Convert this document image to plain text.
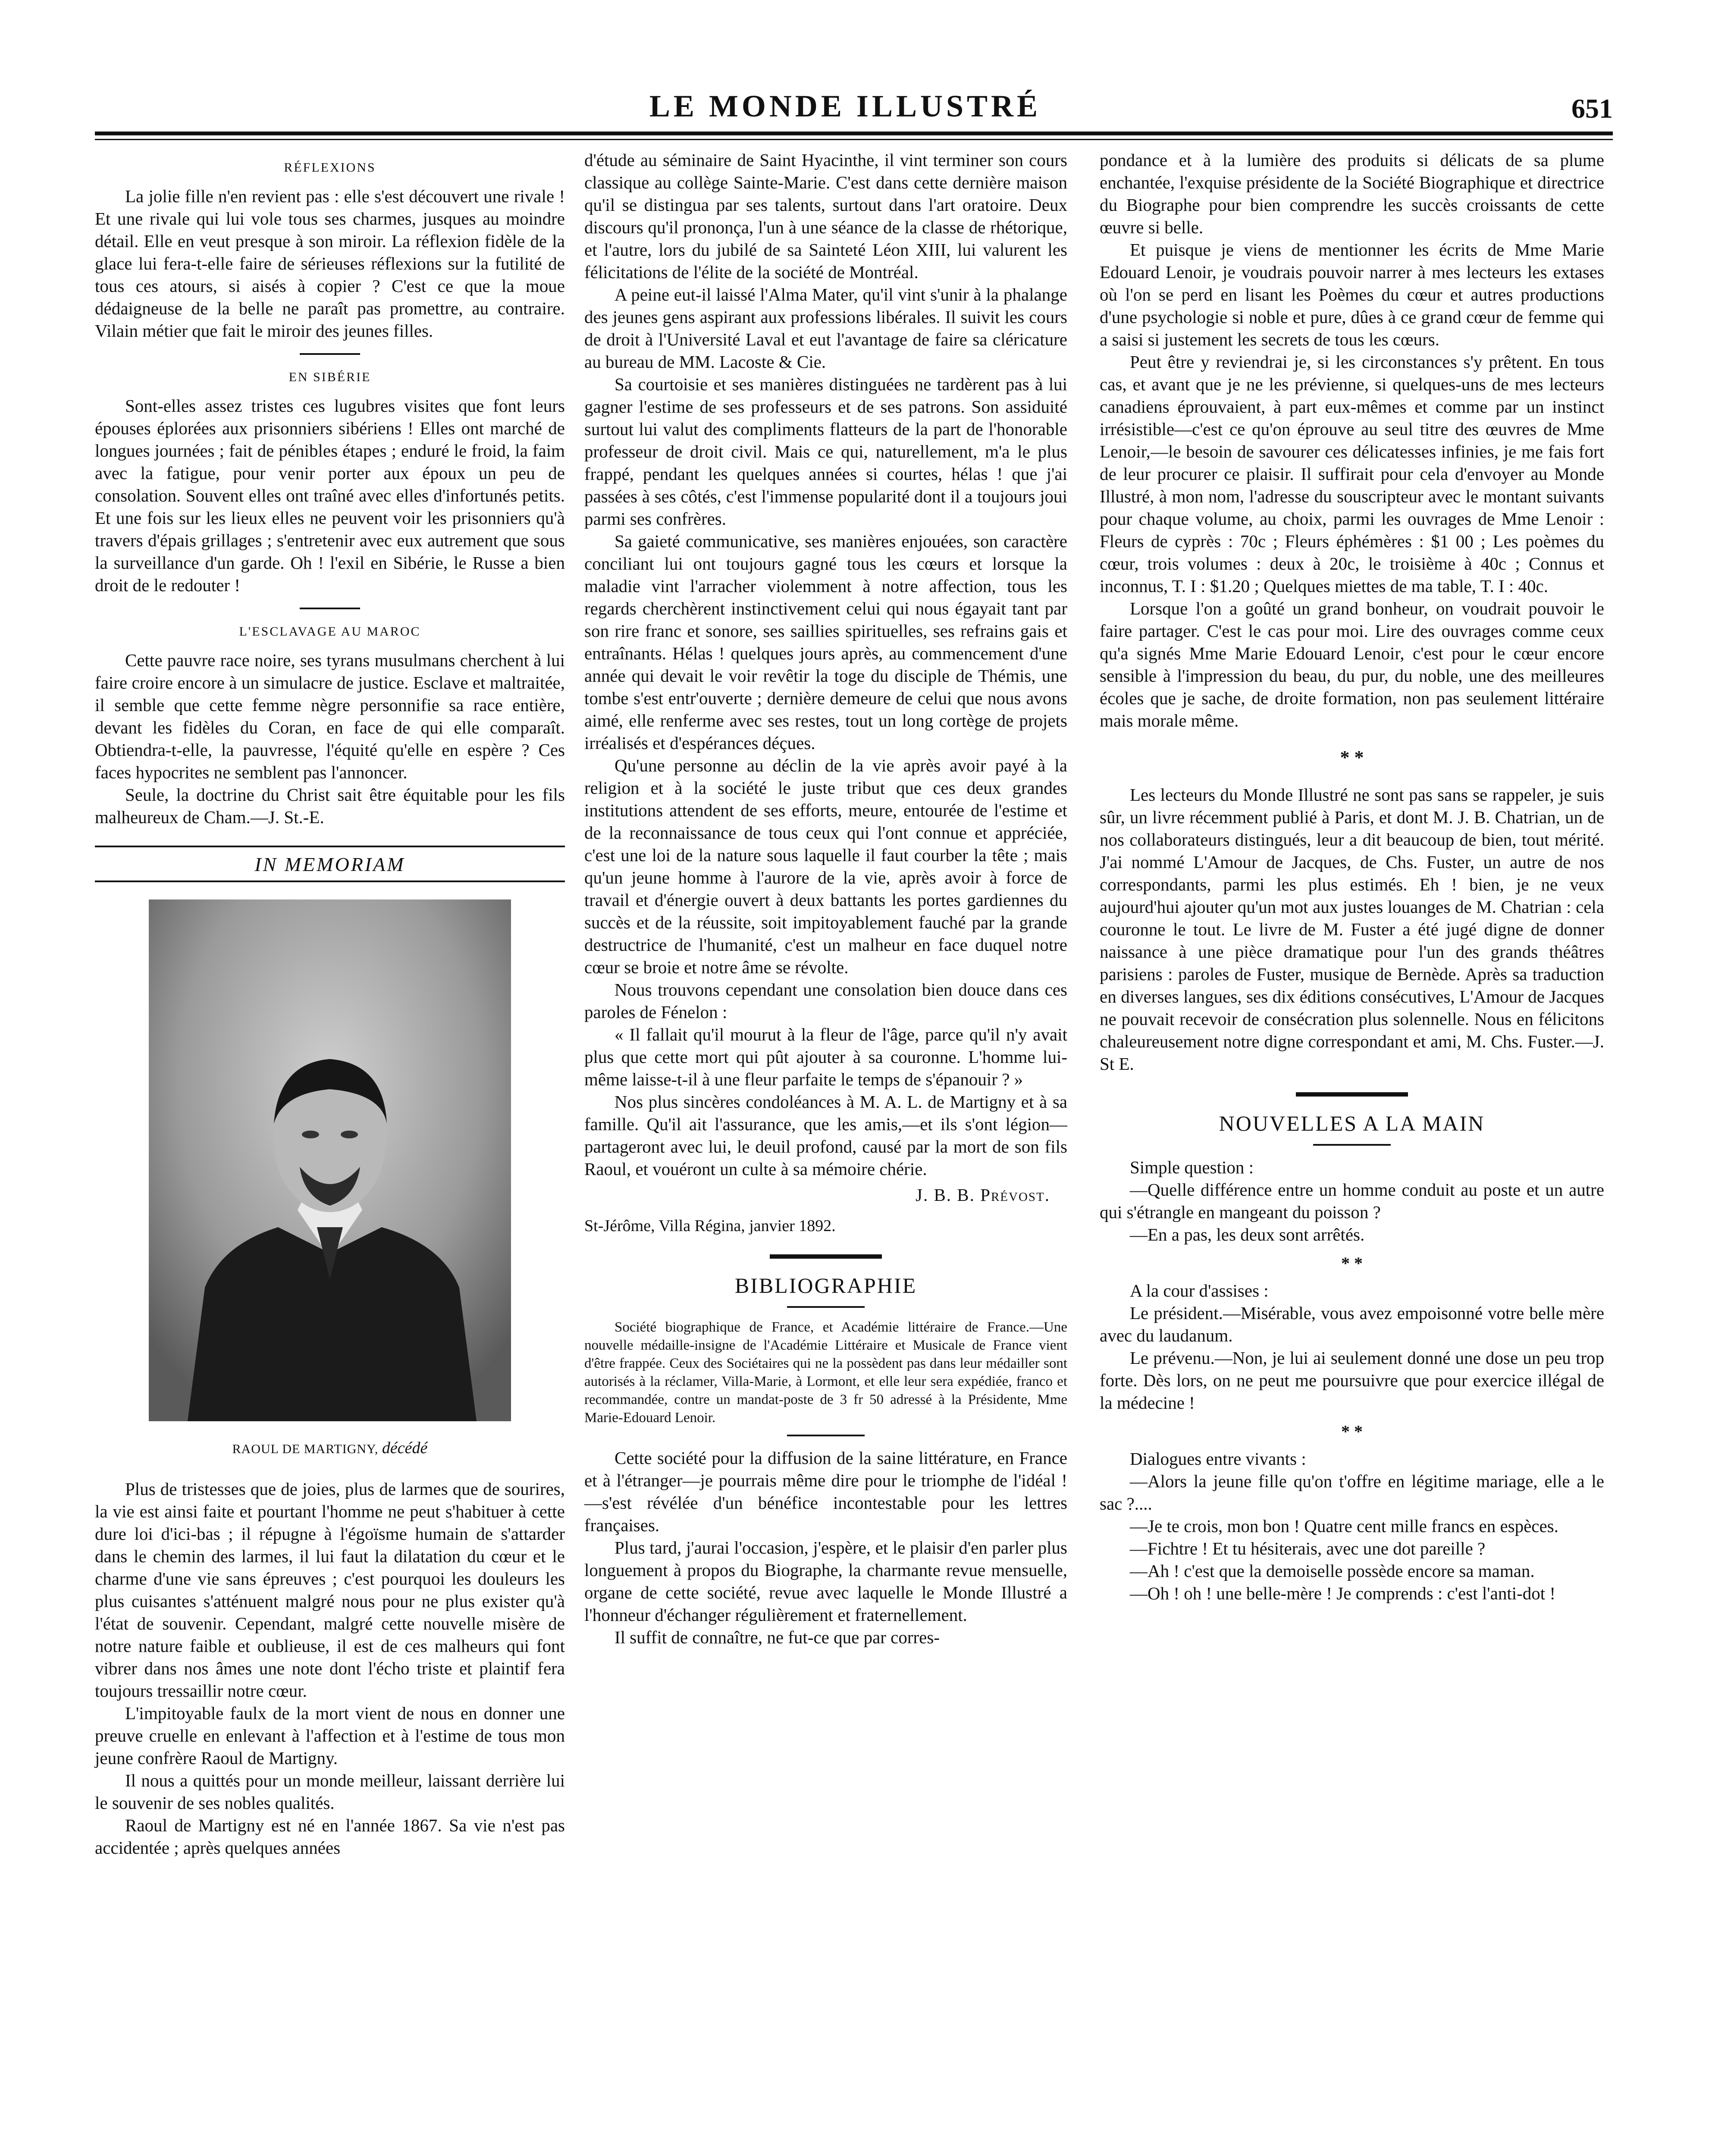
LE MONDE ILLUSTRÉ	651
RÉFLEXIONS

La jolie fille n'en revient pas : elle s'est découvert une rivale ! Et une rivale qui lui vole tous ses charmes, jusques au moindre détail. Elle en veut presque à son miroir. La réflexion fidèle de la glace lui fera-t-elle faire de sérieuses réflexions sur la futilité de tous ces atours, si aisés à copier ? C'est ce que la moue dédaigneuse de la belle ne paraît pas promettre, au contraire. Vilain métier que fait le miroir des jeunes filles.

EN SIBÉRIE

Sont-elles assez tristes ces lugubres visites que font leurs épouses éplorées aux prisonniers sibériens ! Elles ont marché de longues journées ; fait de pénibles étapes ; enduré le froid, la faim avec la fatigue, pour venir porter aux époux un peu de consolation. Souvent elles ont traîné avec elles d'infortunés petits. Et une fois sur les lieux elles ne peuvent voir les prisonniers qu'à travers d'épais grillages ; s'entretenir avec eux autrement que sous la surveillance d'un garde. Oh ! l'exil en Sibérie, le Russe a bien droit de le redouter !

L'ESCLAVAGE AU MAROC

Cette pauvre race noire, ses tyrans musulmans cherchent à lui faire croire encore à un simulacre de justice. Esclave et maltraitée, il semble que cette femme nègre personnifie sa race entière, devant les fidèles du Coran, en face de qui elle comparaît. Obtiendra-t-elle, la pauvresse, l'équité qu'elle en espère ? Ces faces hypocrites ne semblent pas l'annoncer.

Seule, la doctrine du Christ sait être équitable pour les fils malheureux de Cham.—J. St.-E.

IN MEMORIAM
RAOUL DE MARTIGNY, décédé

Plus de tristesses que de joies, plus de larmes que de sourires, la vie est ainsi faite et pourtant l'homme ne peut s'habituer à cette dure loi d'ici-bas ; il répugne à l'égoïsme humain de s'attarder dans le chemin des larmes, il lui faut la dilatation du cœur et le charme d'une vie sans épreuves ; c'est pourquoi les douleurs les plus cuisantes s'atténuent malgré nous pour ne plus exister qu'à l'état de souvenir. Cependant, malgré cette nouvelle misère de notre nature faible et oublieuse, il est de ces malheurs qui font vibrer dans nos âmes une note dont l'écho triste et plaintif fera toujours tressaillir notre cœur.

L'impitoyable faulx de la mort vient de nous en donner une preuve cruelle en enlevant à l'affection et à l'estime de tous mon jeune confrère Raoul de Martigny.

Il nous a quittés pour un monde meilleur, laissant derrière lui le souvenir de ses nobles qualités.

Raoul de Martigny est né en l'année 1867. Sa vie n'est pas accidentée ; après quelques années

d'étude au séminaire de Saint Hyacinthe, il vint terminer son cours classique au collège Sainte-Marie. C'est dans cette dernière maison qu'il se distingua par ses talents, surtout dans l'art oratoire. Deux discours qu'il prononça, l'un à une séance de la classe de rhétorique, et l'autre, lors du jubilé de sa Sainteté Léon XIII, lui valurent les félicitations de l'élite de la société de Montréal.

A peine eut-il laissé l'Alma Mater, qu'il vint s'unir à la phalange des jeunes gens aspirant aux professions libérales. Il suivit les cours de droit à l'Université Laval et eut l'avantage de faire sa cléricature au bureau de MM. Lacoste & Cie.

Sa courtoisie et ses manières distinguées ne tardèrent pas à lui gagner l'estime de ses professeurs et de ses patrons. Son assiduité surtout lui valut des compliments flatteurs de la part de l'honorable professeur de droit civil. Mais ce qui, naturellement, m'a le plus frappé, pendant les quelques années si courtes, hélas ! que j'ai passées à ses côtés, c'est l'immense popularité dont il a toujours joui parmi ses confrères.

Sa gaieté communicative, ses manières enjouées, son caractère conciliant lui ont toujours gagné tous les cœurs et lorsque la maladie vint l'arracher violemment à notre affection, tous les regards cherchèrent instinctivement celui qui nous égayait tant par son rire franc et sonore, ses saillies spirituelles, ses refrains gais et entraînants. Hélas ! quelques jours après, au commencement d'une année qui devait le voir revêtir la toge du disciple de Thémis, une tombe s'est entr'ouverte ; dernière demeure de celui que nous avons aimé, elle renferme avec ses restes, tout un long cortège de projets irréalisés et d'espérances déçues.

Qu'une personne au déclin de la vie après avoir payé à la religion et à la société le juste tribut que ces deux grandes institutions attendent de ses efforts, meure, entourée de l'estime et de la reconnaissance de tous ceux qui l'ont connue et appréciée, c'est une loi de la nature sous laquelle il faut courber la tête ; mais qu'un jeune homme à l'aurore de la vie, après avoir à force de travail et d'énergie ouvert à deux battants les portes gardiennes du succès et de la réussite, soit impitoyablement fauché par la grande destructrice de l'humanité, c'est un malheur en face duquel notre cœur se broie et notre âme se révolte.

Nous trouvons cependant une consolation bien douce dans ces paroles de Fénelon :

« Il fallait qu'il mourut à la fleur de l'âge, parce qu'il n'y avait plus que cette mort qui pût ajouter à sa couronne. L'homme lui-même laisse-t-il à une fleur parfaite le temps de s'épanouir ? »

Nos plus sincères condoléances à M. A. L. de Martigny et à sa famille. Qu'il ait l'assurance, que les amis,—et ils s'ont légion—partageront avec lui, le deuil profond, causé par la mort de son fils Raoul, et vouéront un culte à sa mémoire chérie.

J. B. B. Prévost.

St-Jérôme, Villa Régina, janvier 1892.

BIBLIOGRAPHIE

Société biographique de France, et Académie littéraire de France.—Une nouvelle médaille-insigne de l'Académie Littéraire et Musicale de France vient d'être frappée. Ceux des Sociétaires qui ne la possèdent pas dans leur médailler sont autorisés à la réclamer, Villa-Marie, à Lormont, et elle leur sera expédiée, franco et recommandée, contre un mandat-poste de 3 fr 50 adressé à la Présidente, Mme Marie-Edouard Lenoir.

Cette société pour la diffusion de la saine littérature, en France et à l'étranger—je pourrais même dire pour le triomphe de l'idéal !—s'est révélée d'un bénéfice incontestable pour les lettres françaises.

Plus tard, j'aurai l'occasion, j'espère, et le plaisir d'en parler plus longuement à propos du Biographe, la charmante revue mensuelle, organe de cette société, revue avec laquelle le Monde Illustré a l'honneur d'échanger régulièrement et fraternellement.

Il suffit de connaître, ne fut-ce que par corres-

pondance et à la lumière des produits si délicats de sa plume enchantée, l'exquise présidente de la Société Biographique et directrice du Biographe pour bien comprendre les succès croissants de cette œuvre si belle.

Et puisque je viens de mentionner les écrits de Mme Marie Edouard Lenoir, je voudrais pouvoir narrer à mes lecteurs les extases où l'on se perd en lisant les Poèmes du cœur et autres productions d'une psychologie si noble et pure, dûes à ce grand cœur de femme qui a saisi si justement les secrets de tous les cœurs.

Peut être y reviendrai je, si les circonstances s'y prêtent. En tous cas, et avant que je ne les prévienne, si quelques-uns de mes lecteurs canadiens éprouvaient, à part eux-mêmes et comme par un instinct irrésistible—c'est ce qu'on éprouve au seul titre des œuvres de Mme Lenoir,—le besoin de savourer ces délicatesses infinies, je me fais fort de leur procurer ce plaisir. Il suffirait pour cela d'envoyer au Monde Illustré, à mon nom, l'adresse du souscripteur avec le montant suivants pour chaque volume, au choix, parmi les ouvrages de Mme Lenoir : Fleurs de cyprès : 70c ; Fleurs éphémères : $1 00 ; Les poèmes du cœur, trois volumes : deux à 20c, le troisième à 40c ; Connus et inconnus, T. I : $1.20 ; Quelques miettes de ma table, T. I : 40c.

Lorsque l'on a goûté un grand bonheur, on voudrait pouvoir le faire partager. C'est le cas pour moi. Lire des ouvrages comme ceux qu'a signés Mme Marie Edouard Lenoir, c'est pour le cœur encore sensible à l'impression du beau, du pur, du noble, une des meilleures écoles que je sache, de droite formation, non pas seulement littéraire mais morale même.

* *

Les lecteurs du Monde Illustré ne sont pas sans se rappeler, je suis sûr, un livre récemment publié à Paris, et dont M. J. B. Chatrian, un de nos collaborateurs distingués, leur a dit beaucoup de bien, tout mérité. J'ai nommé L'Amour de Jacques, de Chs. Fuster, un autre de nos correspondants, parmi les plus estimés. Eh ! bien, je ne veux aujourd'hui ajouter qu'un mot aux justes louanges de M. Chatrian : cela couronne le tout. Le livre de M. Fuster a été jugé digne de donner naissance à une pièce dramatique pour l'un des grands théâtres parisiens : paroles de Fuster, musique de Bernède. Après sa traduction en diverses langues, ses dix éditions consécutives, L'Amour de Jacques ne pouvait recevoir de consécration plus solennelle. Nous en félicitons chaleureusement notre digne correspondant et ami, M. Chs. Fuster.—J. St E.

NOUVELLES A LA MAIN

Simple question :

—Quelle différence entre un homme conduit au poste et un autre qui s'étrangle en mangeant du poisson ?

—En a pas, les deux sont arrêtés.

* *

A la cour d'assises :

Le président.—Misérable, vous avez empoisonné votre belle mère avec du laudanum.

Le prévenu.—Non, je lui ai seulement donné une dose un peu trop forte. Dès lors, on ne peut me poursuivre que pour exercice illégal de la médecine !

* *

Dialogues entre vivants :

—Alors la jeune fille qu'on t'offre en légitime mariage, elle a le sac ?....

—Je te crois, mon bon ! Quatre cent mille francs en espèces.

—Fichtre ! Et tu hésiterais, avec une dot pareille ?

—Ah ! c'est que la demoiselle possède encore sa maman.

—Oh ! oh ! une belle-mère ! Je comprends : c'est l'anti-dot !
